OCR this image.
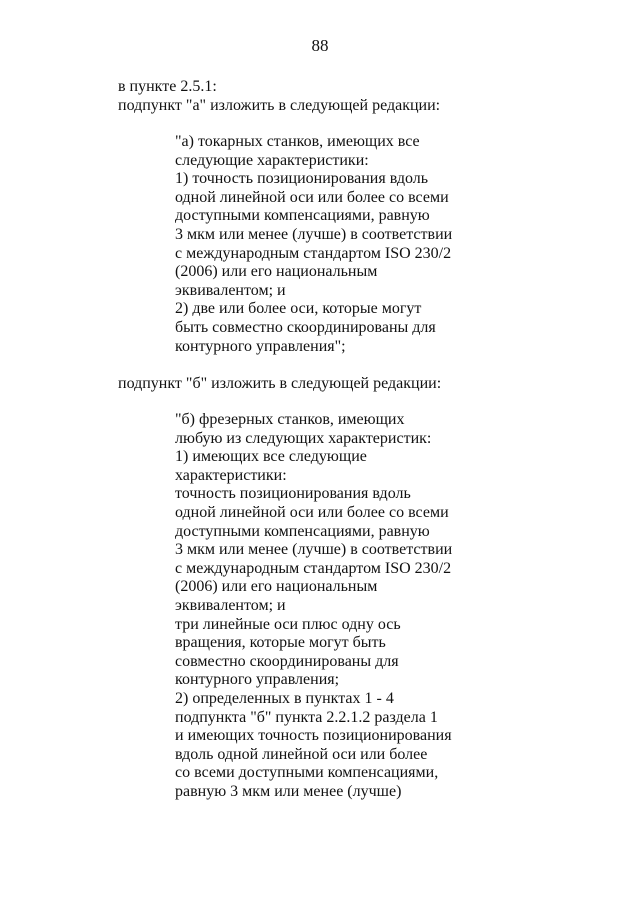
88
в пункте 2.5.1:
подпункт "а" изложить в следующей редакции:
"а) токарных станков, имеющих все
следующие характеристики:
1) точность позиционирования вдоль
одной линейной оси или более со всеми
доступными компенсациями, равную
3 мкм или менее (лучше) в соответствии
с международным стандартом ISO 230/2
(2006) или его национальным
эквивалентом; и
2) две или более оси, которые могут
быть совместно скоординированы для
контурного управления";
подпункт "б" изложить в следующей редакции:
"б) фрезерных станков, имеющих
любую из следующих характеристик:
1) имеющих все следующие
характеристики:
точность позиционирования вдоль
одной линейной оси или более со всеми
доступными компенсациями, равную
3 мкм или менее (лучше) в соответствии
с международным стандартом ISO 230/2
(2006) или его национальным
эквивалентом; и
три линейные оси плюс одну ось
вращения, которые могут быть
совместно скоординированы для
контурного управления;
2) определенных в пунктах 1 - 4
подпункта "б" пункта 2.2.1.2 раздела 1
и имеющих точность позиционирования
вдоль одной линейной оси или более
со всеми доступными компенсациями,
равную 3 мкм или менее (лучше)
